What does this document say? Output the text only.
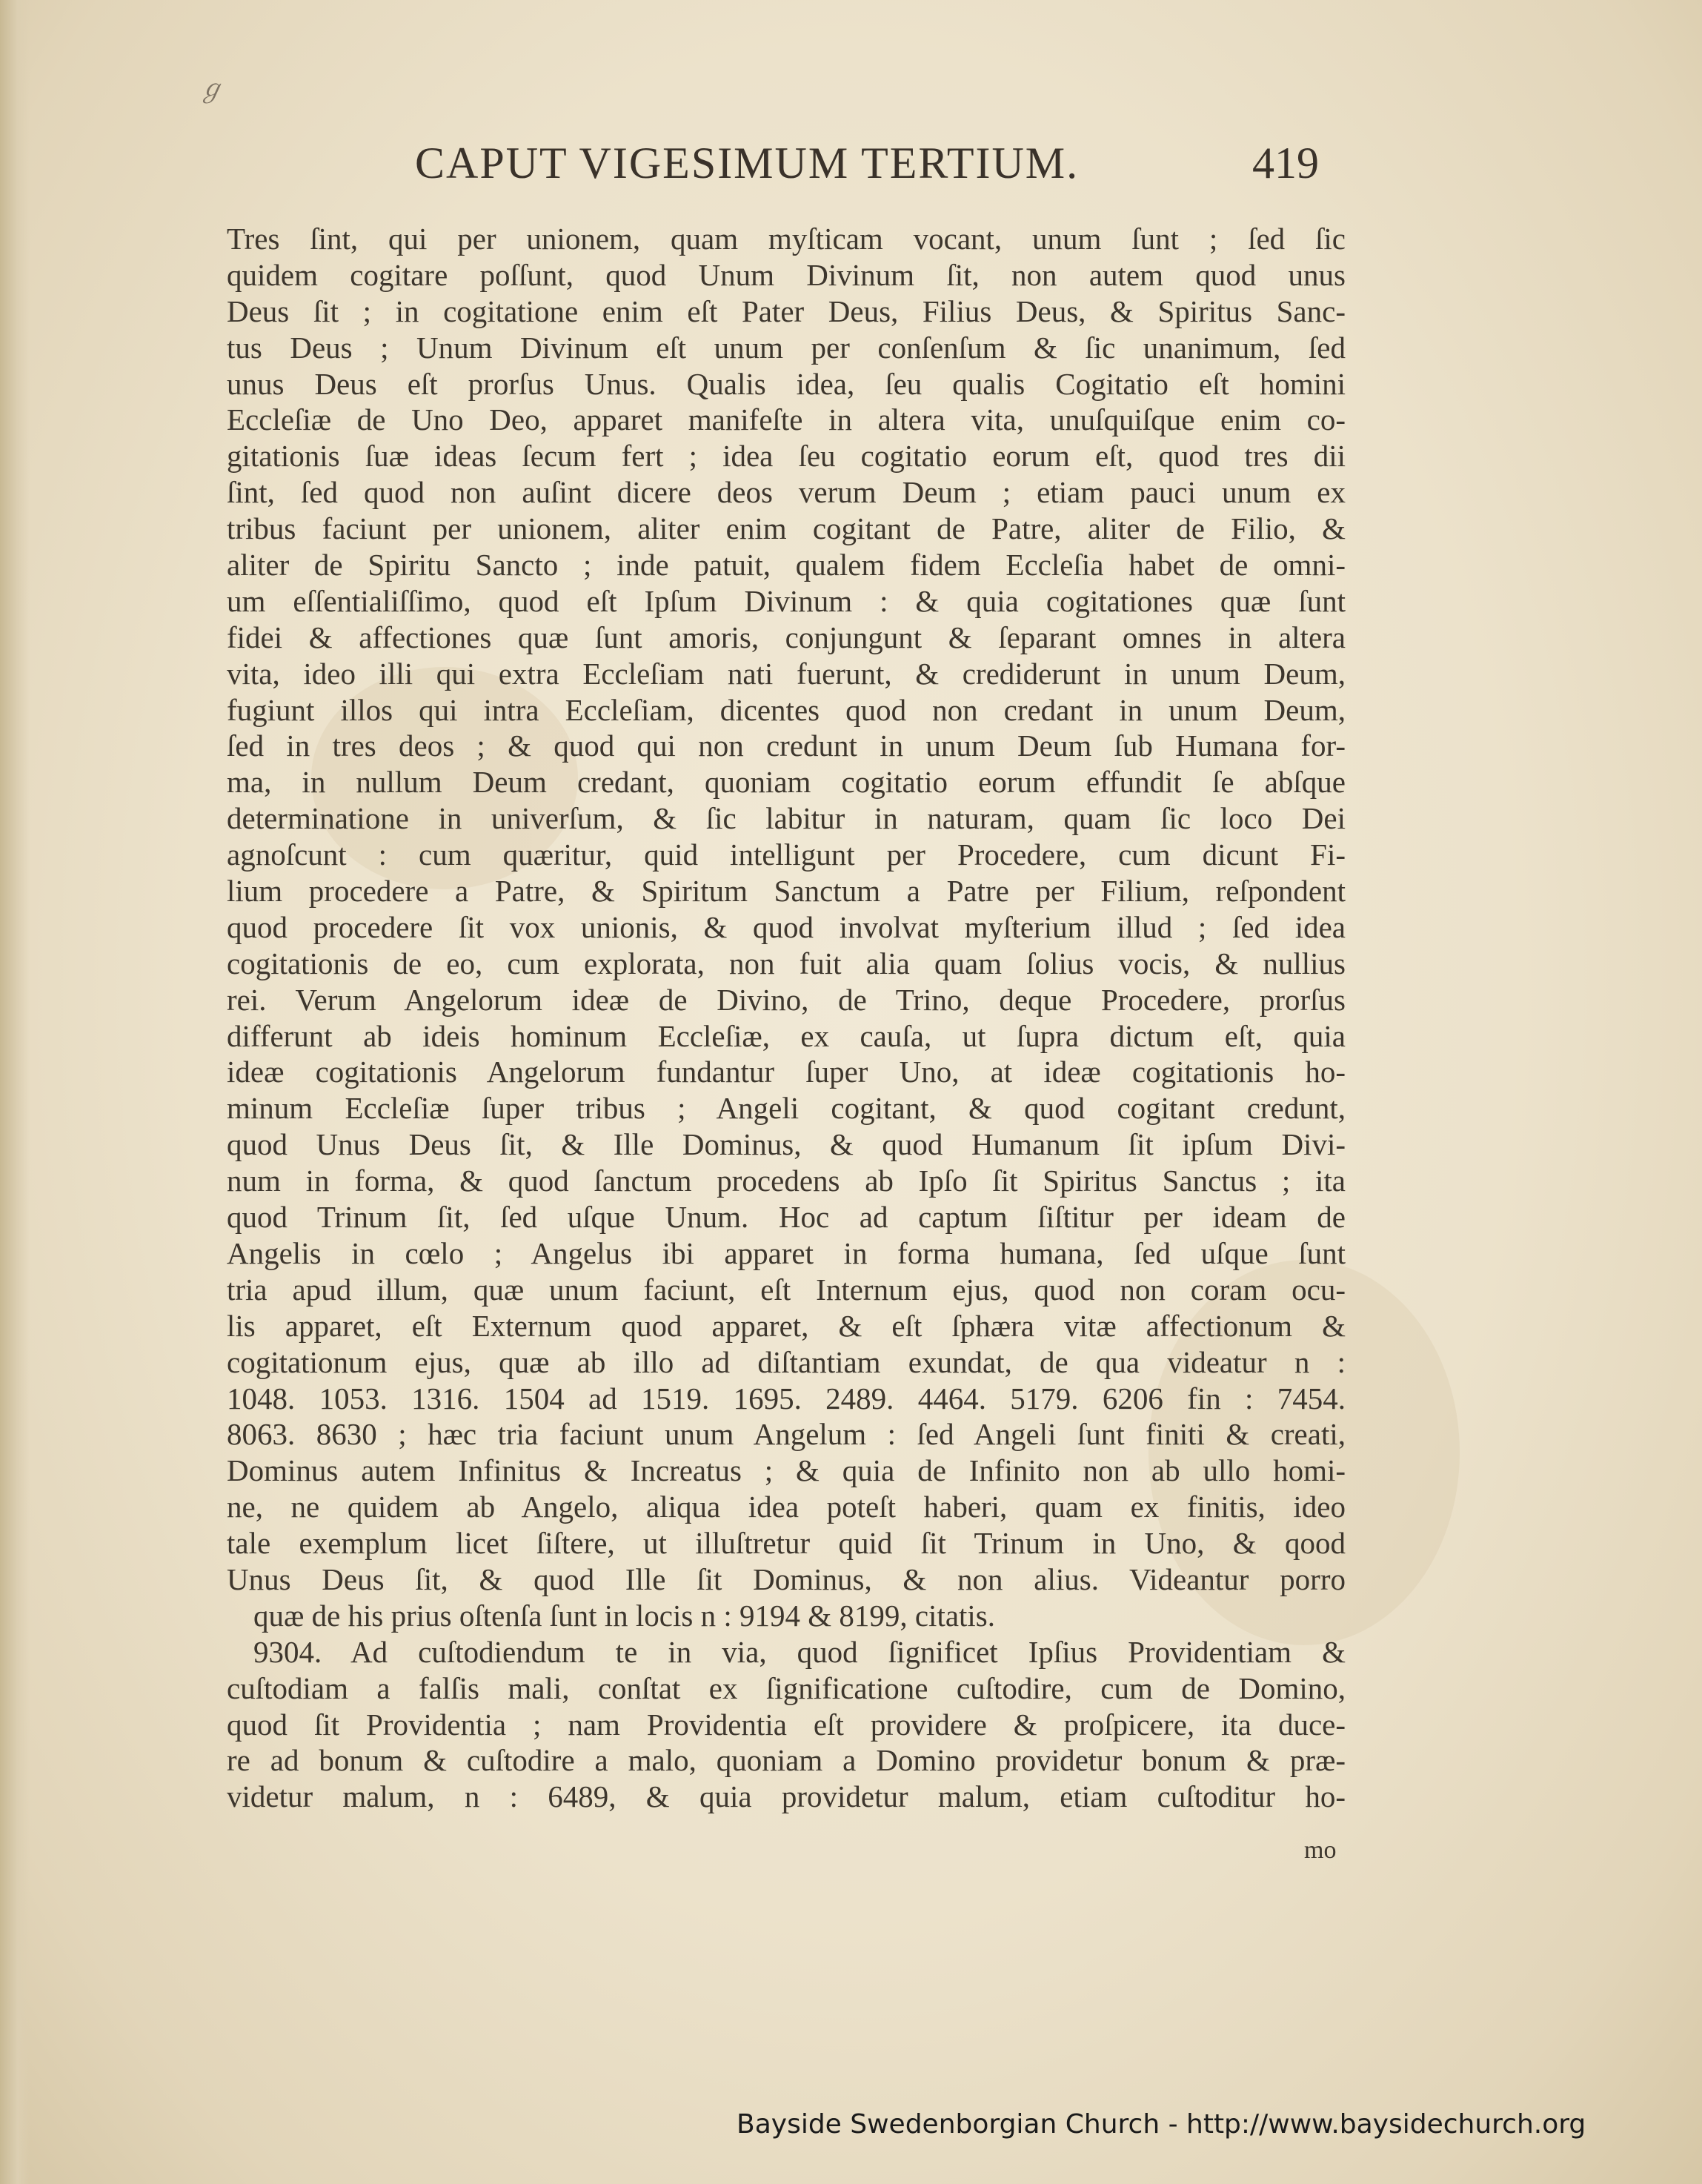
ℊ
CAPUT VIGESIMUM TERTIUM.	419
Tres ſint, qui per unionem, quam myſticam vocant, unum ſunt ; ſed ſic
quidem cogitare poſſunt, quod Unum Divinum ſit, non autem quod unus
Deus ſit ; in cogitatione enim eſt Pater Deus, Filius Deus, & Spiritus Sanc-
tus Deus ; Unum Divinum eſt unum per conſenſum & ſic unanimum, ſed
unus Deus eſt prorſus Unus. Qualis idea, ſeu qualis Cogitatio eſt homini
Eccleſiæ de Uno Deo, apparet manifeſte in altera vita, unuſquiſque enim co-
gitationis ſuæ ideas ſecum fert ; idea ſeu cogitatio eorum eſt, quod tres dii
ſint, ſed quod non auſint dicere deos verum Deum ; etiam pauci unum ex
tribus faciunt per unionem, aliter enim cogitant de Patre, aliter de Filio, &
aliter de Spiritu Sancto ; inde patuit, qualem fidem Eccleſia habet de omni-
um eſſentialiſſimo, quod eſt Ipſum Divinum : & quia cogitationes quæ ſunt
fidei & affectiones quæ ſunt amoris, conjungunt & ſeparant omnes in altera
vita, ideo illi qui extra Eccleſiam nati fuerunt, & crediderunt in unum Deum,
fugiunt illos qui intra Eccleſiam, dicentes quod non credant in unum Deum,
ſed in tres deos ; & quod qui non credunt in unum Deum ſub Humana for-
ma, in nullum Deum credant, quoniam cogitatio eorum effundit ſe abſque
determinatione in univerſum, & ſic labitur in naturam, quam ſic loco Dei
agnoſcunt : cum quæritur, quid intelligunt per Procedere, cum dicunt Fi-
lium procedere a Patre, & Spiritum Sanctum a Patre per Filium, reſpondent
quod procedere ſit vox unionis, & quod involvat myſterium illud ; ſed idea
cogitationis de eo, cum explorata, non fuit alia quam ſolius vocis, & nullius
rei. Verum Angelorum ideæ de Divino, de Trino, deque Procedere, prorſus
differunt ab ideis hominum Eccleſiæ, ex cauſa, ut ſupra dictum eſt, quia
ideæ cogitationis Angelorum fundantur ſuper Uno, at ideæ cogitationis ho-
minum Eccleſiæ ſuper tribus ; Angeli cogitant, & quod cogitant credunt,
quod Unus Deus ſit, & Ille Dominus, & quod Humanum ſit ipſum Divi-
num in forma, & quod ſanctum procedens ab Ipſo ſit Spiritus Sanctus ; ita
quod Trinum ſit, ſed uſque Unum. Hoc ad captum ſiſtitur per ideam de
Angelis in cœlo ; Angelus ibi apparet in forma humana, ſed uſque ſunt
tria apud illum, quæ unum faciunt, eſt Internum ejus, quod non coram ocu-
lis apparet, eſt Externum quod apparet, & eſt ſphæra vitæ affectionum &
cogitationum ejus, quæ ab illo ad diſtantiam exundat, de qua videatur n :
1048. 1053. 1316. 1504 ad 1519. 1695. 2489. 4464. 5179. 6206 fin : 7454.
8063. 8630 ; hæc tria faciunt unum Angelum : ſed Angeli ſunt finiti & creati,
Dominus autem Infinitus & Increatus ; & quia de Infinito non ab ullo homi-
ne, ne quidem ab Angelo, aliqua idea poteſt haberi, quam ex finitis, ideo
tale exemplum licet ſiſtere, ut illuſtretur quid ſit Trinum in Uno, & qood
Unus Deus ſit, & quod Ille ſit Dominus, & non alius. Videantur porro
quæ de his prius oſtenſa ſunt in locis n : 9194 & 8199, citatis.
9304. Ad cuſtodiendum te in via, quod ſignificet Ipſius Providentiam &
cuſtodiam a falſis mali, conſtat ex ſignificatione cuſtodire, cum de Domino,
quod ſit Providentia ; nam Providentia eſt providere & proſpicere, ita duce-
re ad bonum & cuſtodire a malo, quoniam a Domino providetur bonum & præ-
videtur malum, n : 6489, & quia providetur malum, etiam cuſtoditur ho-
mo
Bayside Swedenborgian Church - http://www.baysidechurch.org
